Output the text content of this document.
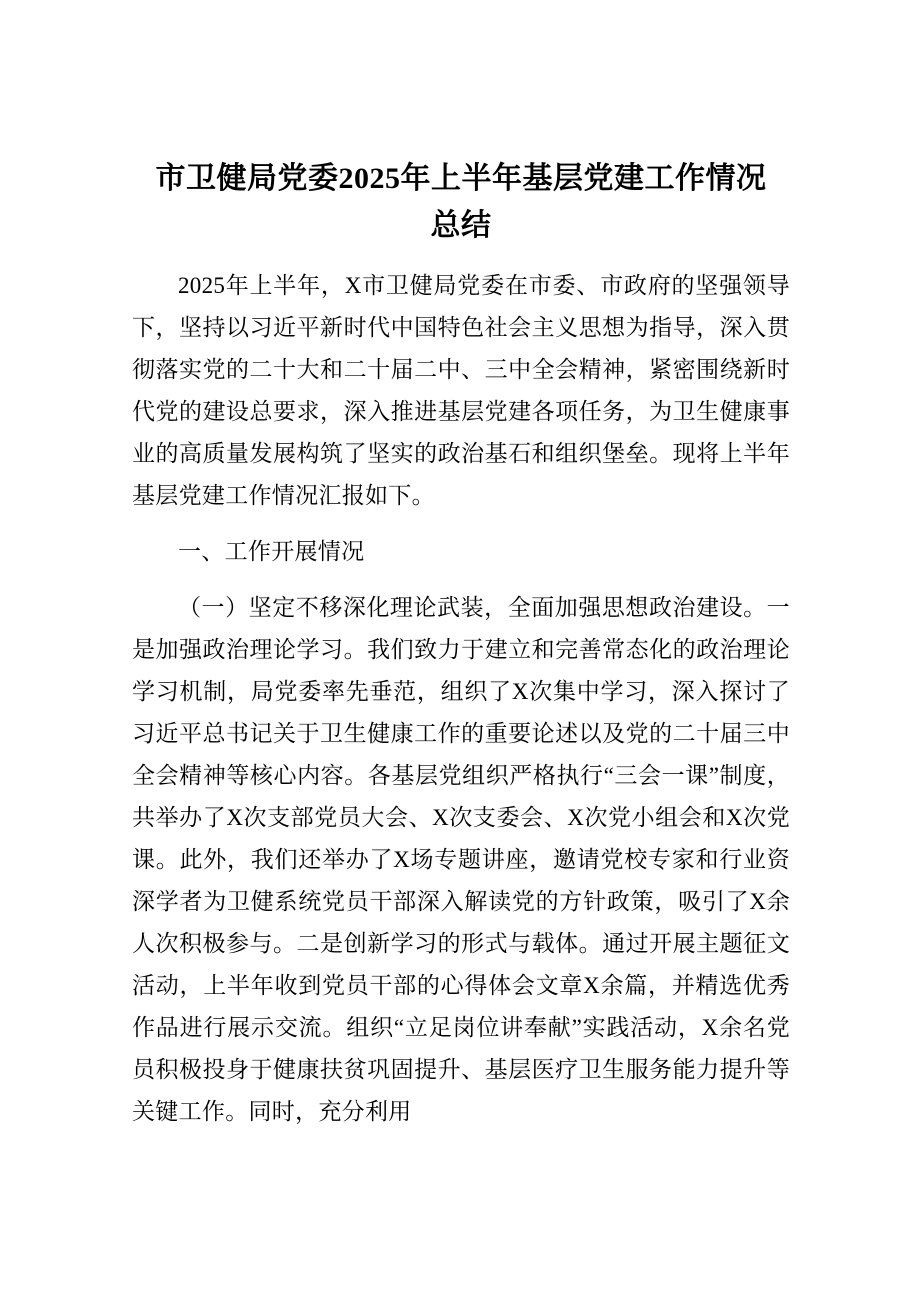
市卫健局党委2025年上半年基层党建工作情况总结

2025年上半年，X市卫健局党委在市委、市政府的坚强领导下，坚持以习近平新时代中国特色社会主义思想为指导，深入贯彻落实党的二十大和二十届二中、三中全会精神，紧密围绕新时代党的建设总要求，深入推进基层党建各项任务，为卫生健康事业的高质量发展构筑了坚实的政治基石和组织堡垒。现将上半年基层党建工作情况汇报如下。

一、工作开展情况

（一）坚定不移深化理论武装，全面加强思想政治建设。一是加强政治理论学习。我们致力于建立和完善常态化的政治理论学习机制，局党委率先垂范，组织了X次集中学习，深入探讨了习近平总书记关于卫生健康工作的重要论述以及党的二十届三中全会精神等核心内容。各基层党组织严格执行“三会一课”制度，共举办了X次支部党员大会、X次支委会、X次党小组会和X次党课。此外，我们还举办了X场专题讲座，邀请党校专家和行业资深学者为卫健系统党员干部深入解读党的方针政策，吸引了X余人次积极参与。二是创新学习的形式与载体。通过开展主题征文活动，上半年收到党员干部的心得体会文章X余篇，并精选优秀作品进行展示交流。组织“立足岗位讲奉献”实践活动，X余名党员积极投身于健康扶贫巩固提升、基层医疗卫生服务能力提升等关键工作。同时，充分利用
